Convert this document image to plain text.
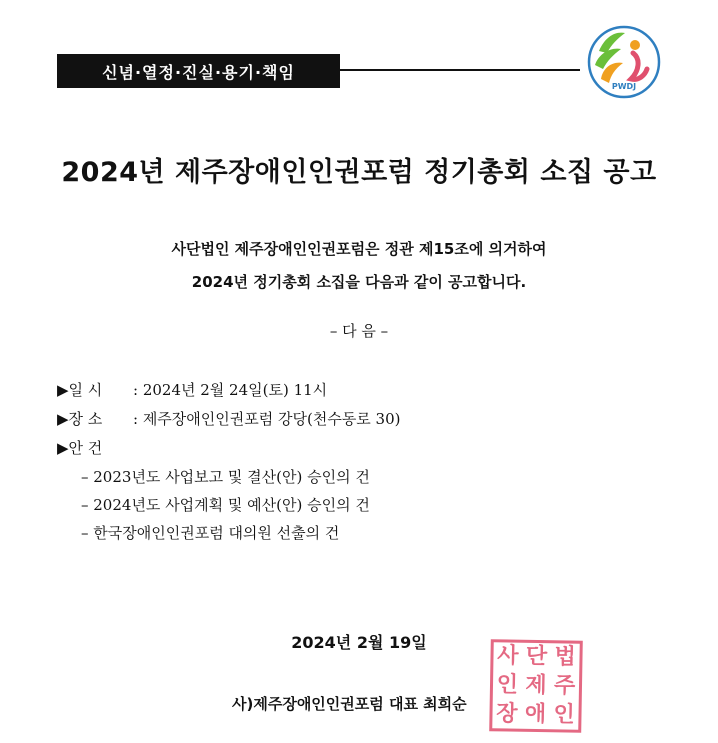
신념·열정·진실·용기·책임
PWDJ
2024년 제주장애인인권포럼 정기총회 소집 공고
사단법인 제주장애인인권포럼은 정관 제15조에 의거하여
2024년 정기총회 소집을 다음과 같이 공고합니다.
– 다 음 –
▶일 시	: 2024년 2월 24일(토) 11시
▶장 소	: 제주장애인인권포럼 강당(천수동로 30)
▶안 건
– 2023년도 사업보고 및 결산(안) 승인의 건
– 2024년도 사업계획 및 예산(안) 승인의 건
– 한국장애인인권포럼 대의원 선출의 건
2024년 2월 19일
사 단 법
인 제 주
장 애 인
사)제주장애인인권포럼 대표 최희순
